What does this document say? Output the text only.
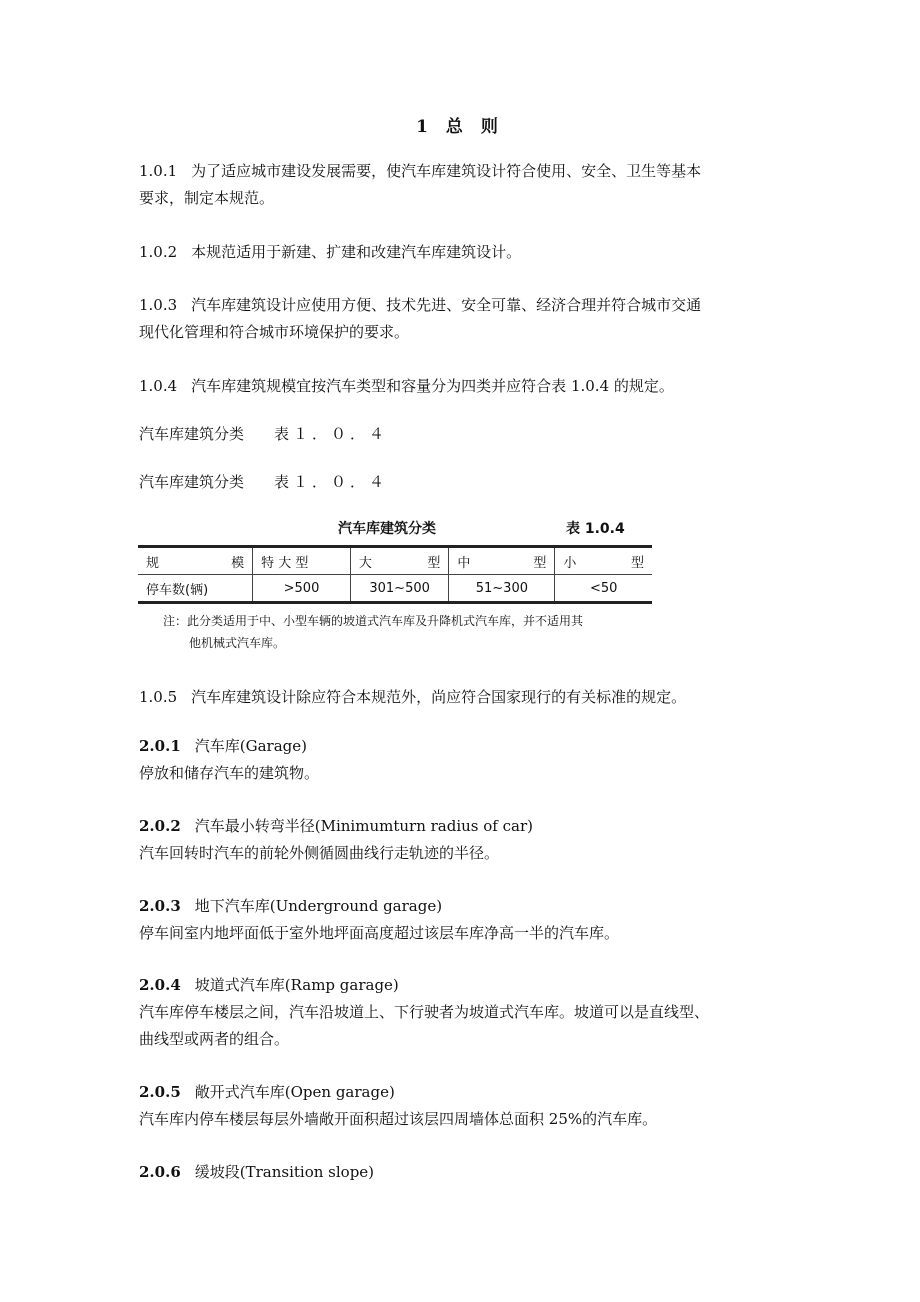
1 总 则

1.0.1 为了适应城市建设发展需要，使汽车库建筑设计符合使用、安全、卫生等基本
要求，制定本规范。

1.0.2 本规范适用于新建、扩建和改建汽车库建筑设计。

1.0.3 汽车库建筑设计应使用方便、技术先进、安全可靠、经济合理并符合城市交通
现代化管理和符合城市环境保护的要求。

1.0.4 汽车库建筑规模宜按汽车类型和容量分为四类并应符合表 1.0.4 的规定。

汽车库建筑分类 表１．０．４

汽车库建筑分类 表１．０．４

汽车库建筑分类	表 1.0.4
规 模	特 大 型	大 型	中 型	小 型

停车数(辆)	>500	301~500	51~300	<50
注：此分类适用于中、小型车辆的坡道式汽车库及升降机式汽车库，并不适用其
他机械式汽车库。

1.0.5 汽车库建筑设计除应符合本规范外，尚应符合国家现行的有关标准的规定。

2.0.1 汽车库(Garage)
停放和储存汽车的建筑物。

2.0.2 汽车最小转弯半径(Minimumturn radius of car)
汽车回转时汽车的前轮外侧循圆曲线行走轨迹的半径。

2.0.3 地下汽车库(Underground garage)
停车间室内地坪面低于室外地坪面高度超过该层车库净高一半的汽车库。

2.0.4 坡道式汽车库(Ramp garage)
汽车库停车楼层之间，汽车沿坡道上、下行驶者为坡道式汽车库。坡道可以是直线型、
曲线型或两者的组合。

2.0.5 敞开式汽车库(Open garage)
汽车库内停车楼层每层外墙敞开面积超过该层四周墙体总面积 25%的汽车库。

2.0.6 缓坡段(Transition slope)
